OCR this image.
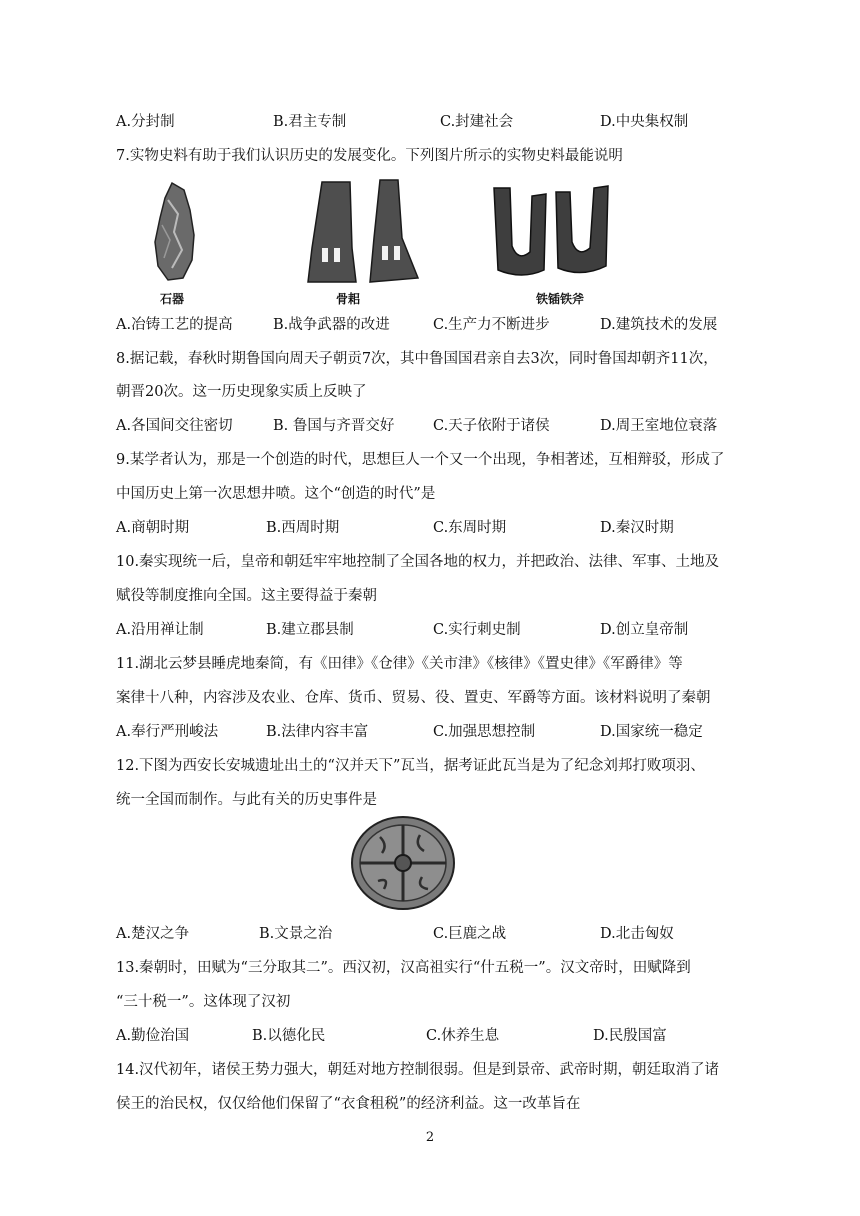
A.分封制	B.君主专制	C.封建社会	D.中央集权制
7.实物史料有助于我们认识历史的发展变化。下列图片所示的实物史料最能说明
石器	骨耜	铁锸铁斧
A.冶铸工艺的提高	B.战争武器的改进	C.生产力不断进步	D.建筑技术的发展
8.据记载，春秋时期鲁国向周天子朝贡7次，其中鲁国国君亲自去3次，同时鲁国却朝齐11次，
朝晋20次。这一历史现象实质上反映了
A.各国间交往密切	B. 鲁国与齐晋交好	C.天子依附于诸侯	D.周王室地位衰落
9.某学者认为，那是一个创造的时代，思想巨人一个又一个出现，争相著述，互相辩驳，形成了
中国历史上第一次思想井喷。这个“创造的时代”是
A.商朝时期	B.西周时期	C.东周时期	D.秦汉时期
10.秦实现统一后，皇帝和朝廷牢牢地控制了全国各地的权力，并把政治、法律、军事、土地及
赋役等制度推向全国。这主要得益于秦朝
A.沿用禅让制	B.建立郡县制	C.实行刺史制	D.创立皇帝制
11.湖北云梦县睡虎地秦简，有《田律》《仓律》《关市津》《核律》《置史律》《军爵律》等
案律十八种，内容涉及农业、仓库、货币、贸易、役、置吏、军爵等方面。该材料说明了秦朝
A.奉行严刑峻法	B.法律内容丰富	C.加强思想控制	D.国家统一稳定
12.下图为西安长安城遗址出土的“汉并天下”瓦当，据考证此瓦当是为了纪念刘邦打败项羽、
统一全国而制作。与此有关的历史事件是
A.楚汉之争	B.文景之治	C.巨鹿之战	D.北击匈奴
13.秦朝时，田赋为“三分取其二”。西汉初，汉高祖实行“什五税一”。汉文帝时，田赋降到
“三十税一”。这体现了汉初
A.勤俭治国	B.以德化民	C.休养生息	D.民殷国富
14.汉代初年，诸侯王势力强大，朝廷对地方控制很弱。但是到景帝、武帝时期，朝廷取消了诸
侯王的治民权，仅仅给他们保留了“衣食租税”的经济利益。这一改革旨在
2
